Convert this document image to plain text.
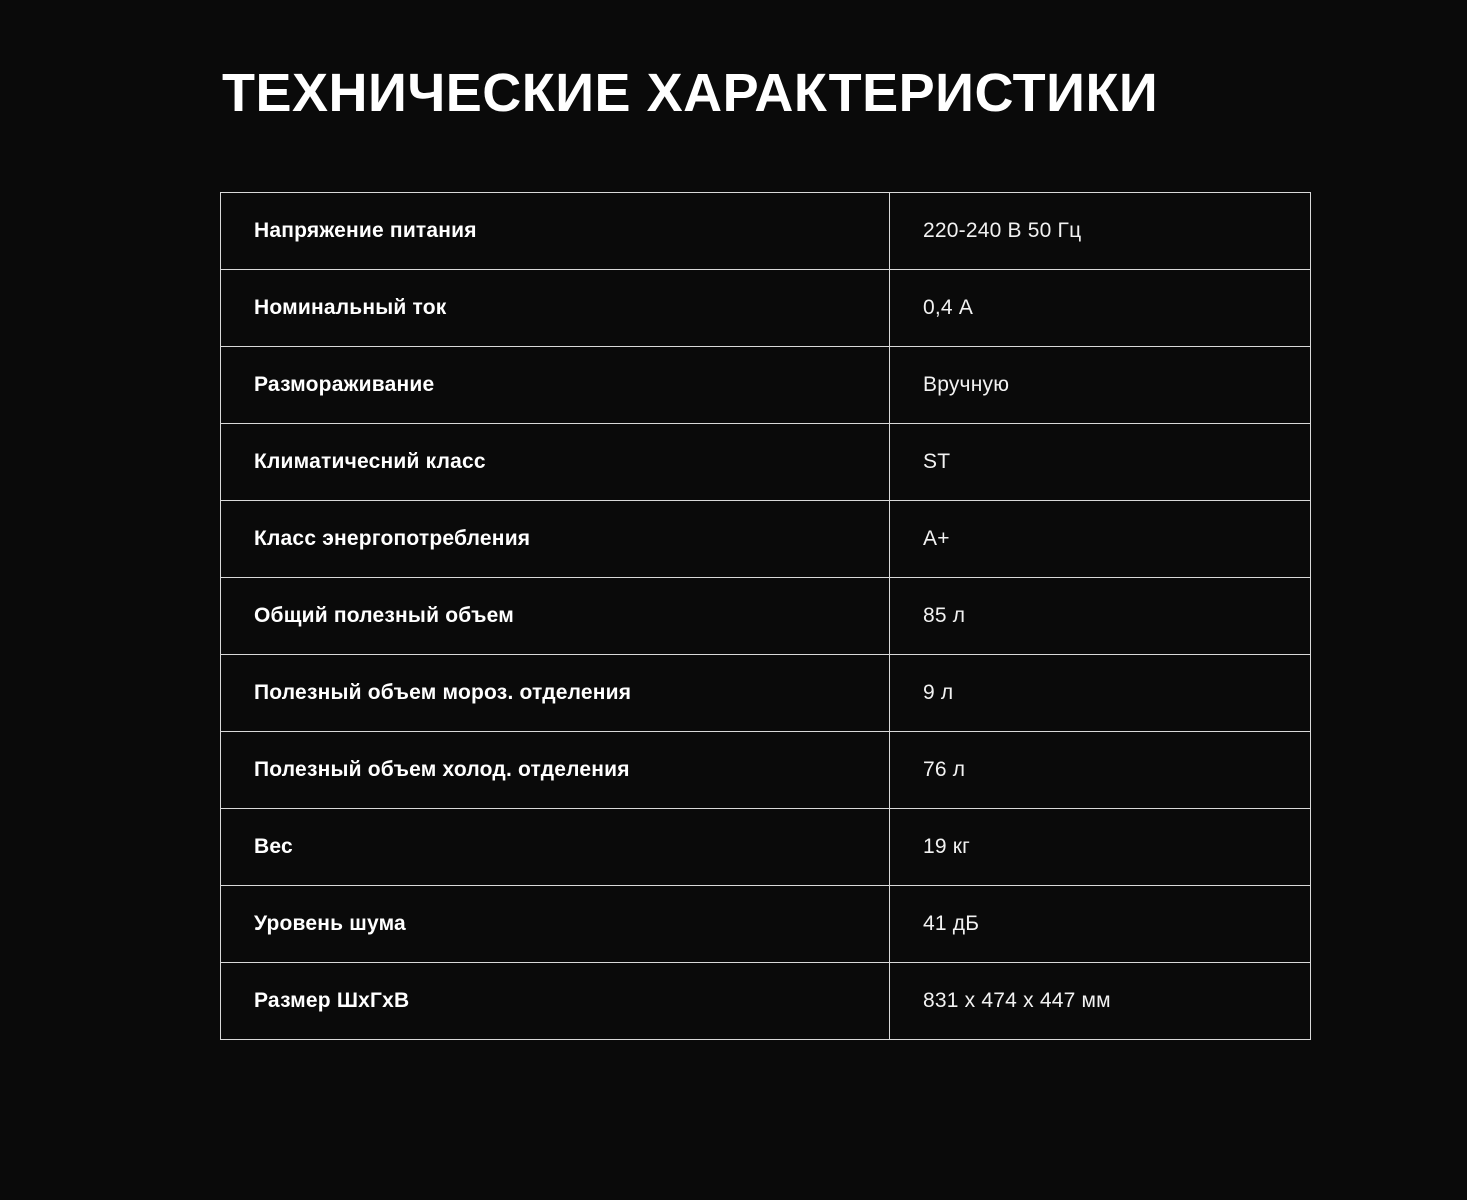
ТЕХНИЧЕСКИЕ ХАРАКТЕРИСТИКИ
Напряжение питания	220-240 В 50 Гц
Номинальный ток	0,4 А
Размораживание	Вручную
Климатичесний класс	ST
Класс энергопотребления	A+
Общий полезный объем	85 л
Полезный объем мороз. отделения	9 л
Полезный объем холод. отделения	76 л
Вес	19 кг
Уровень шума	41 дБ
Размер ШхГхВ	831 x 474 x 447 мм
